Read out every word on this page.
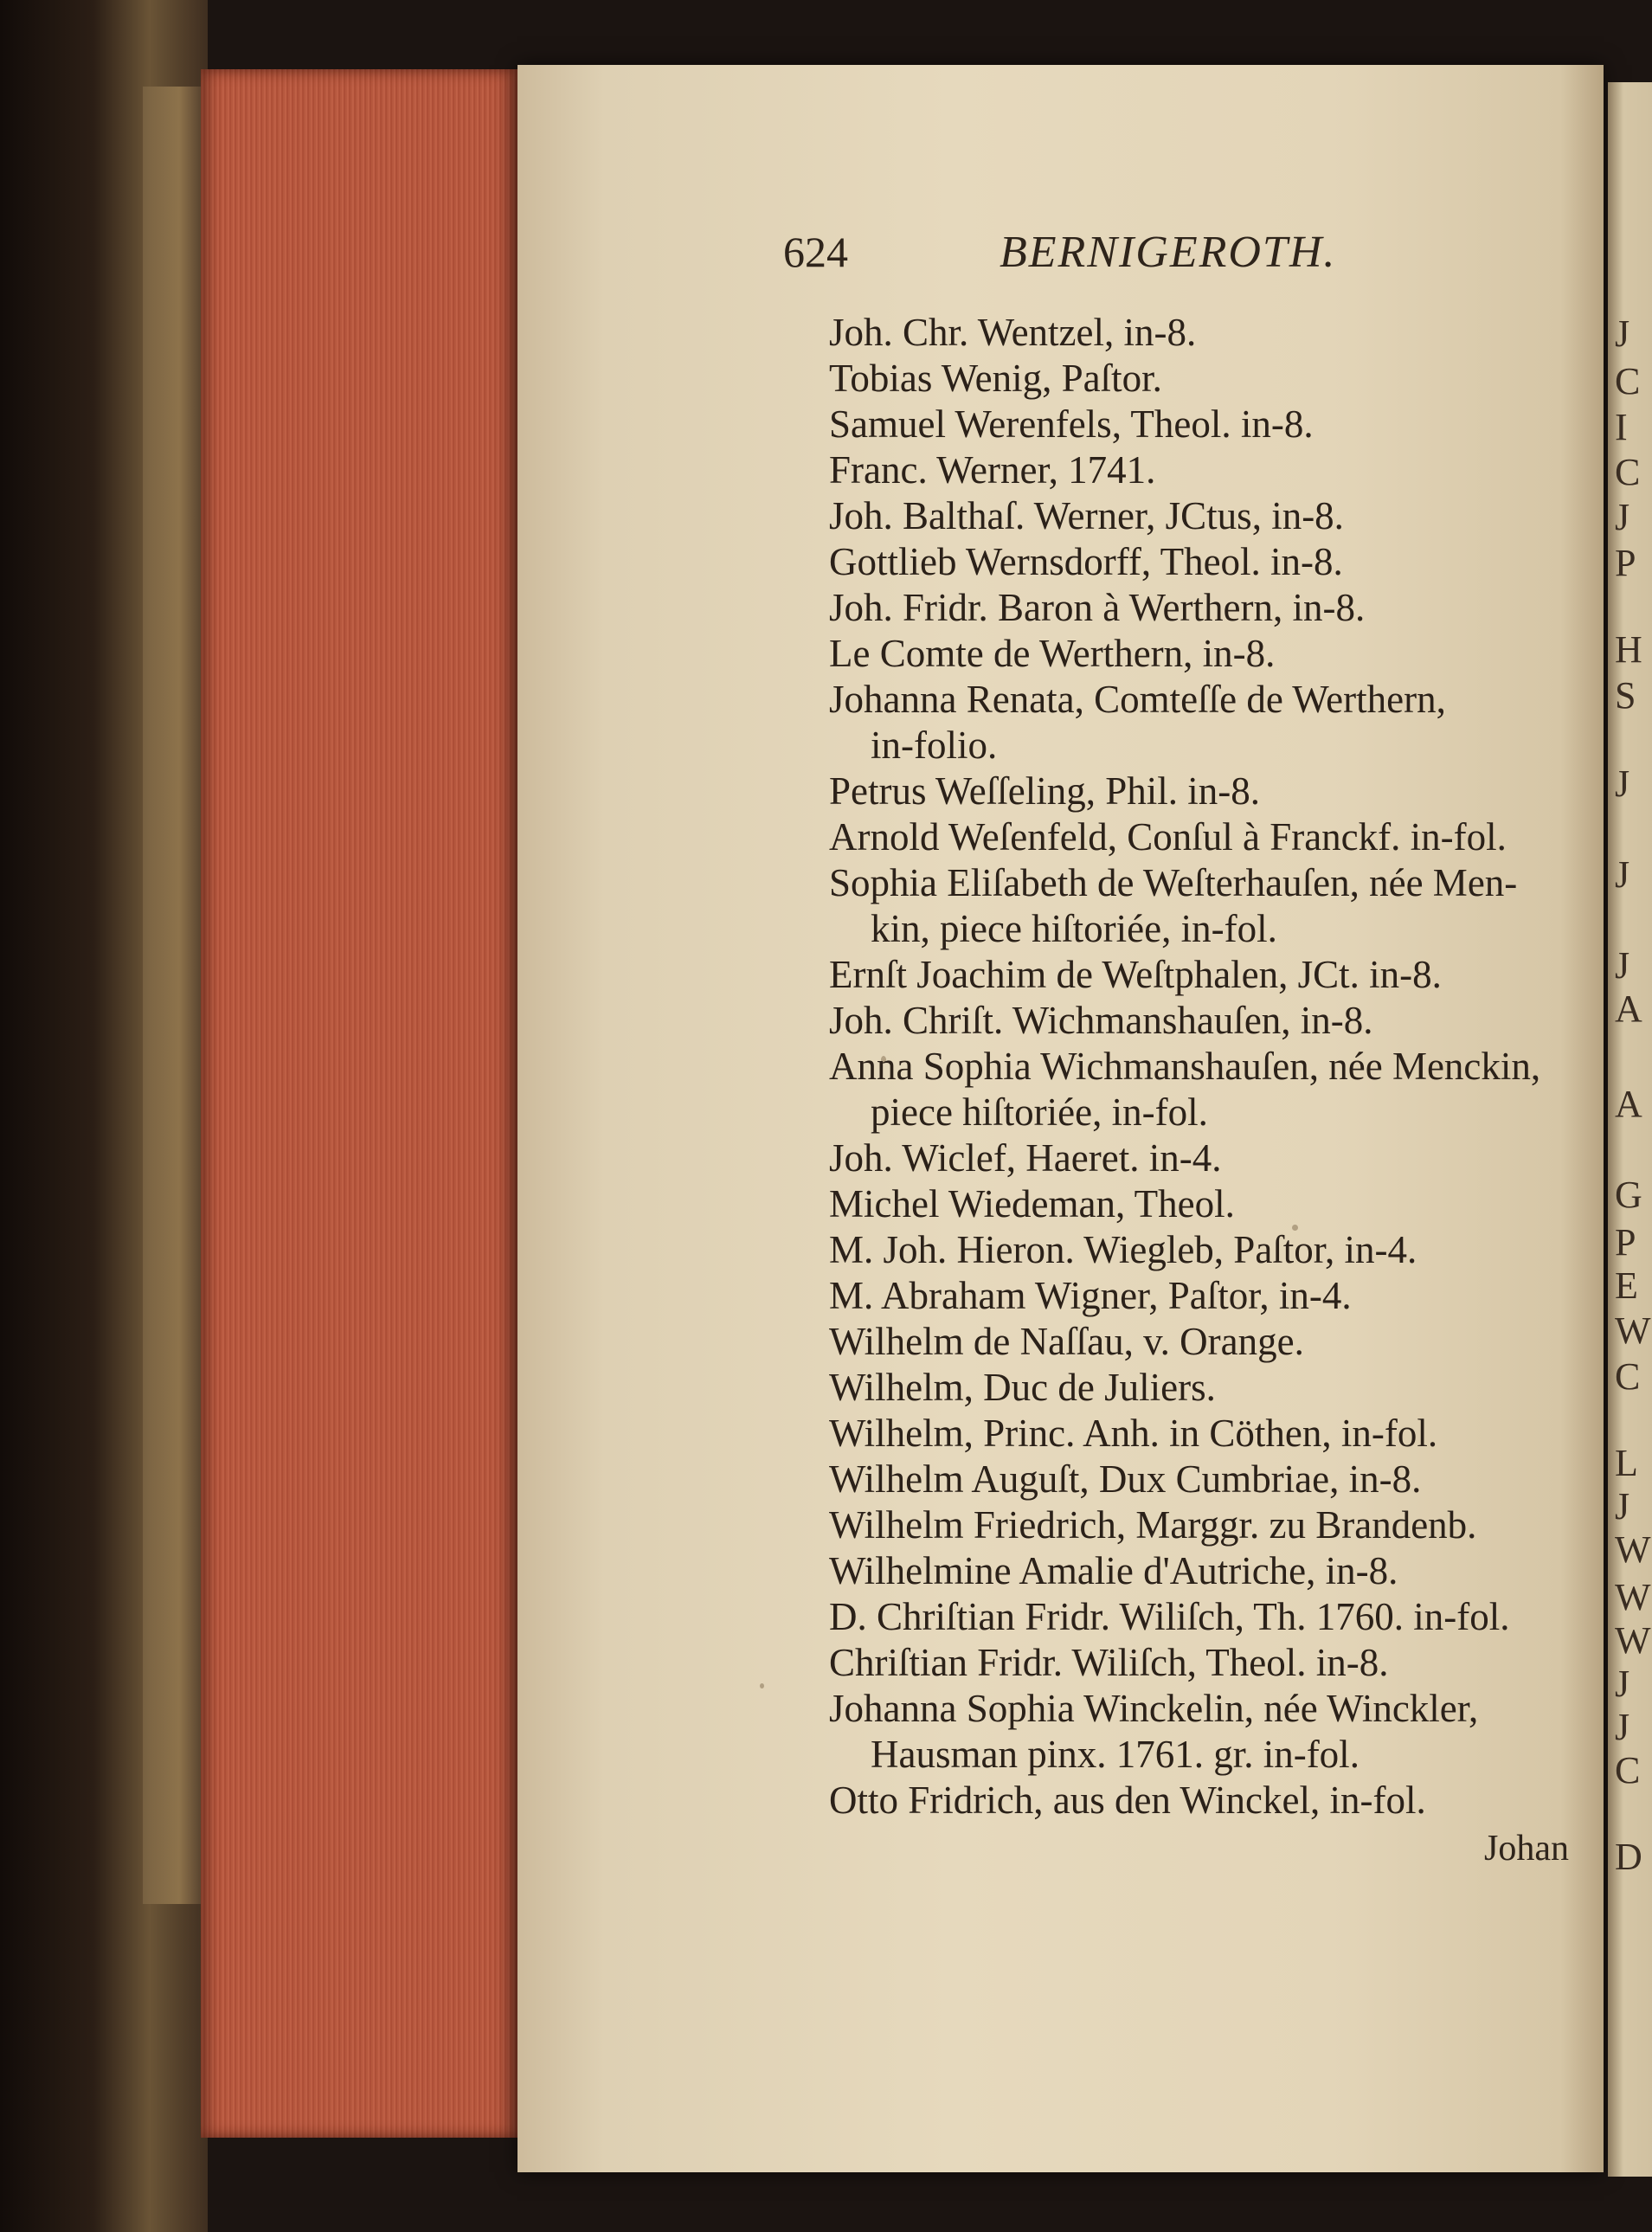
J
C
I
C
J
P
H
S
J
J
J
A
A
G
P
E
W
C
L
J
W
W
W
J
J
C
D
624	BERNIGEROTH.
Joh. Chr. Wentzel, in-8.
Tobias Wenig, Paſtor.
Samuel Werenfels, Theol. in-8.
Franc. Werner, 1741.
Joh. Balthaſ. Werner, JCtus, in-8.
Gottlieb Wernsdorff, Theol. in-8.
Joh. Fridr. Baron à Werthern, in-8.
Le Comte de Werthern, in-8.
Johanna Renata, Comteſſe de Werthern,
in-folio.
Petrus Weſſeling, Phil. in-8.
Arnold Weſenfeld, Conſul à Franckf. in-fol.
Sophia Eliſabeth de Weſterhauſen, née Men-
kin, piece hiſtoriée, in-fol.
Ernſt Joachim de Weſtphalen, JCt. in-8.
Joh. Chriſt. Wichmanshauſen, in-8.
Anna Sophia Wichmanshauſen, née Menckin,
piece hiſtoriée, in-fol.
Joh. Wiclef, Haeret. in-4.
Michel Wiedeman, Theol.
M. Joh. Hieron. Wiegleb, Paſtor, in-4.
M. Abraham Wigner, Paſtor, in-4.
Wilhelm de Naſſau, v. Orange.
Wilhelm, Duc de Juliers.
Wilhelm, Princ. Anh. in Cöthen, in-fol.
Wilhelm Auguſt, Dux Cumbriae, in-8.
Wilhelm Friedrich, Marggr. zu Brandenb.
Wilhelmine Amalie d'Autriche, in-8.
D. Chriſtian Fridr. Wiliſch, Th. 1760. in-fol.
Chriſtian Fridr. Wiliſch, Theol. in-8.
Johanna Sophia Winckelin, née Winckler,
Hausman pinx. 1761. gr. in-fol.
Otto Fridrich, aus den Winckel, in-fol.
Johan
